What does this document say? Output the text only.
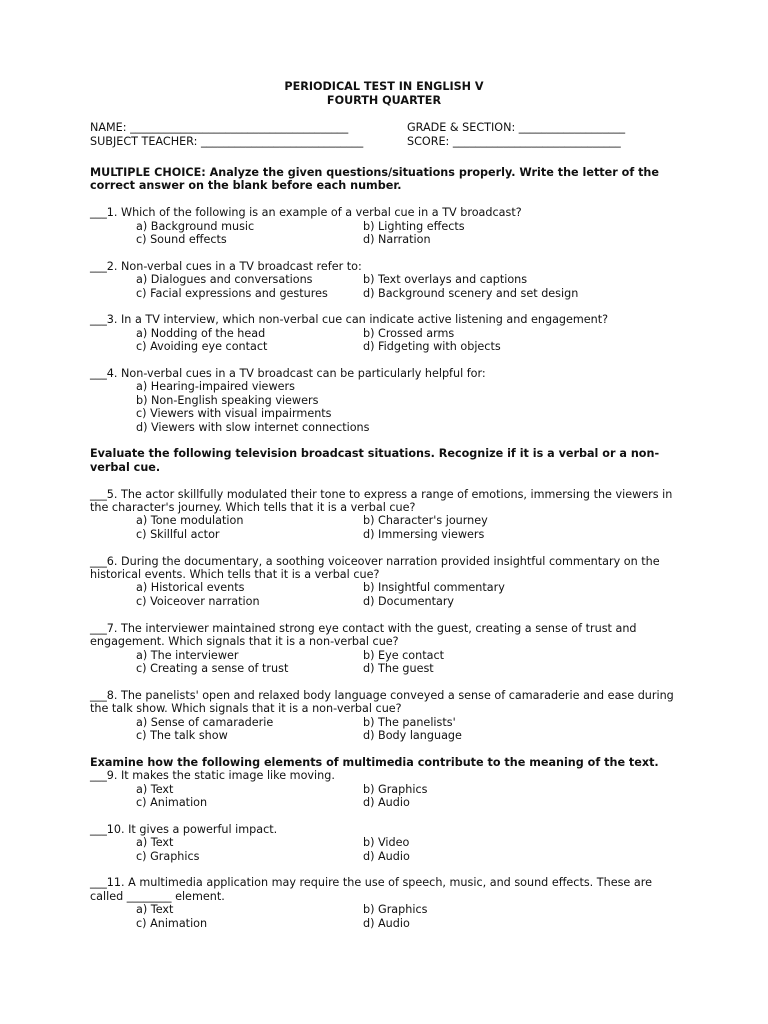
PERIODICAL TEST IN ENGLISH V
FOURTH QUARTER
NAME: _______________________________________	GRADE & SECTION: ___________________
SUBJECT TEACHER: _____________________________	SCORE: ______________________________

MULTIPLE CHOICE: Analyze the given questions/situations properly. Write the letter of the correct answer on the blank before each number.

___1. Which of the following is an example of a verbal cue in a TV broadcast?

a) Background music	b) Lighting effects
c) Sound effects	d) Narration

___2. Non-verbal cues in a TV broadcast refer to:

a) Dialogues and conversations	b) Text overlays and captions
c) Facial expressions and gestures	d) Background scenery and set design

___3. In a TV interview, which non-verbal cue can indicate active listening and engagement?

a) Nodding of the head	b) Crossed arms
c) Avoiding eye contact	d) Fidgeting with objects

___4. Non-verbal cues in a TV broadcast can be particularly helpful for:

a) Hearing-impaired viewers
b) Non-English speaking viewers
c) Viewers with visual impairments
d) Viewers with slow internet connections

Evaluate the following television broadcast situations. Recognize if it is a verbal or a non-verbal cue.

___5. The actor skillfully modulated their tone to express a range of emotions, immersing the viewers in the character's journey. Which tells that it is a verbal cue?

a) Tone modulation	b) Character's journey
c) Skillful actor	d) Immersing viewers

___6. During the documentary, a soothing voiceover narration provided insightful commentary on the historical events. Which tells that it is a verbal cue?

a) Historical events	b) Insightful commentary
c) Voiceover narration	d) Documentary

___7. The interviewer maintained strong eye contact with the guest, creating a sense of trust and engagement. Which signals that it is a non-verbal cue?

a) The interviewer	b) Eye contact
c) Creating a sense of trust	d) The guest

___8. The panelists' open and relaxed body language conveyed a sense of camaraderie and ease during the talk show. Which signals that it is a non-verbal cue?

a) Sense of camaraderie	b) The panelists'
c) The talk show	d) Body language

Examine how the following elements of multimedia contribute to the meaning of the text.

___9. It makes the static image like moving.

a) Text	b) Graphics
c) Animation	d) Audio

___10. It gives a powerful impact.

a) Text	b) Video
c) Graphics	d) Audio

___11. A multimedia application may require the use of speech, music, and sound effects. These are called ________ element.

a) Text	b) Graphics
c) Animation	d) Audio
